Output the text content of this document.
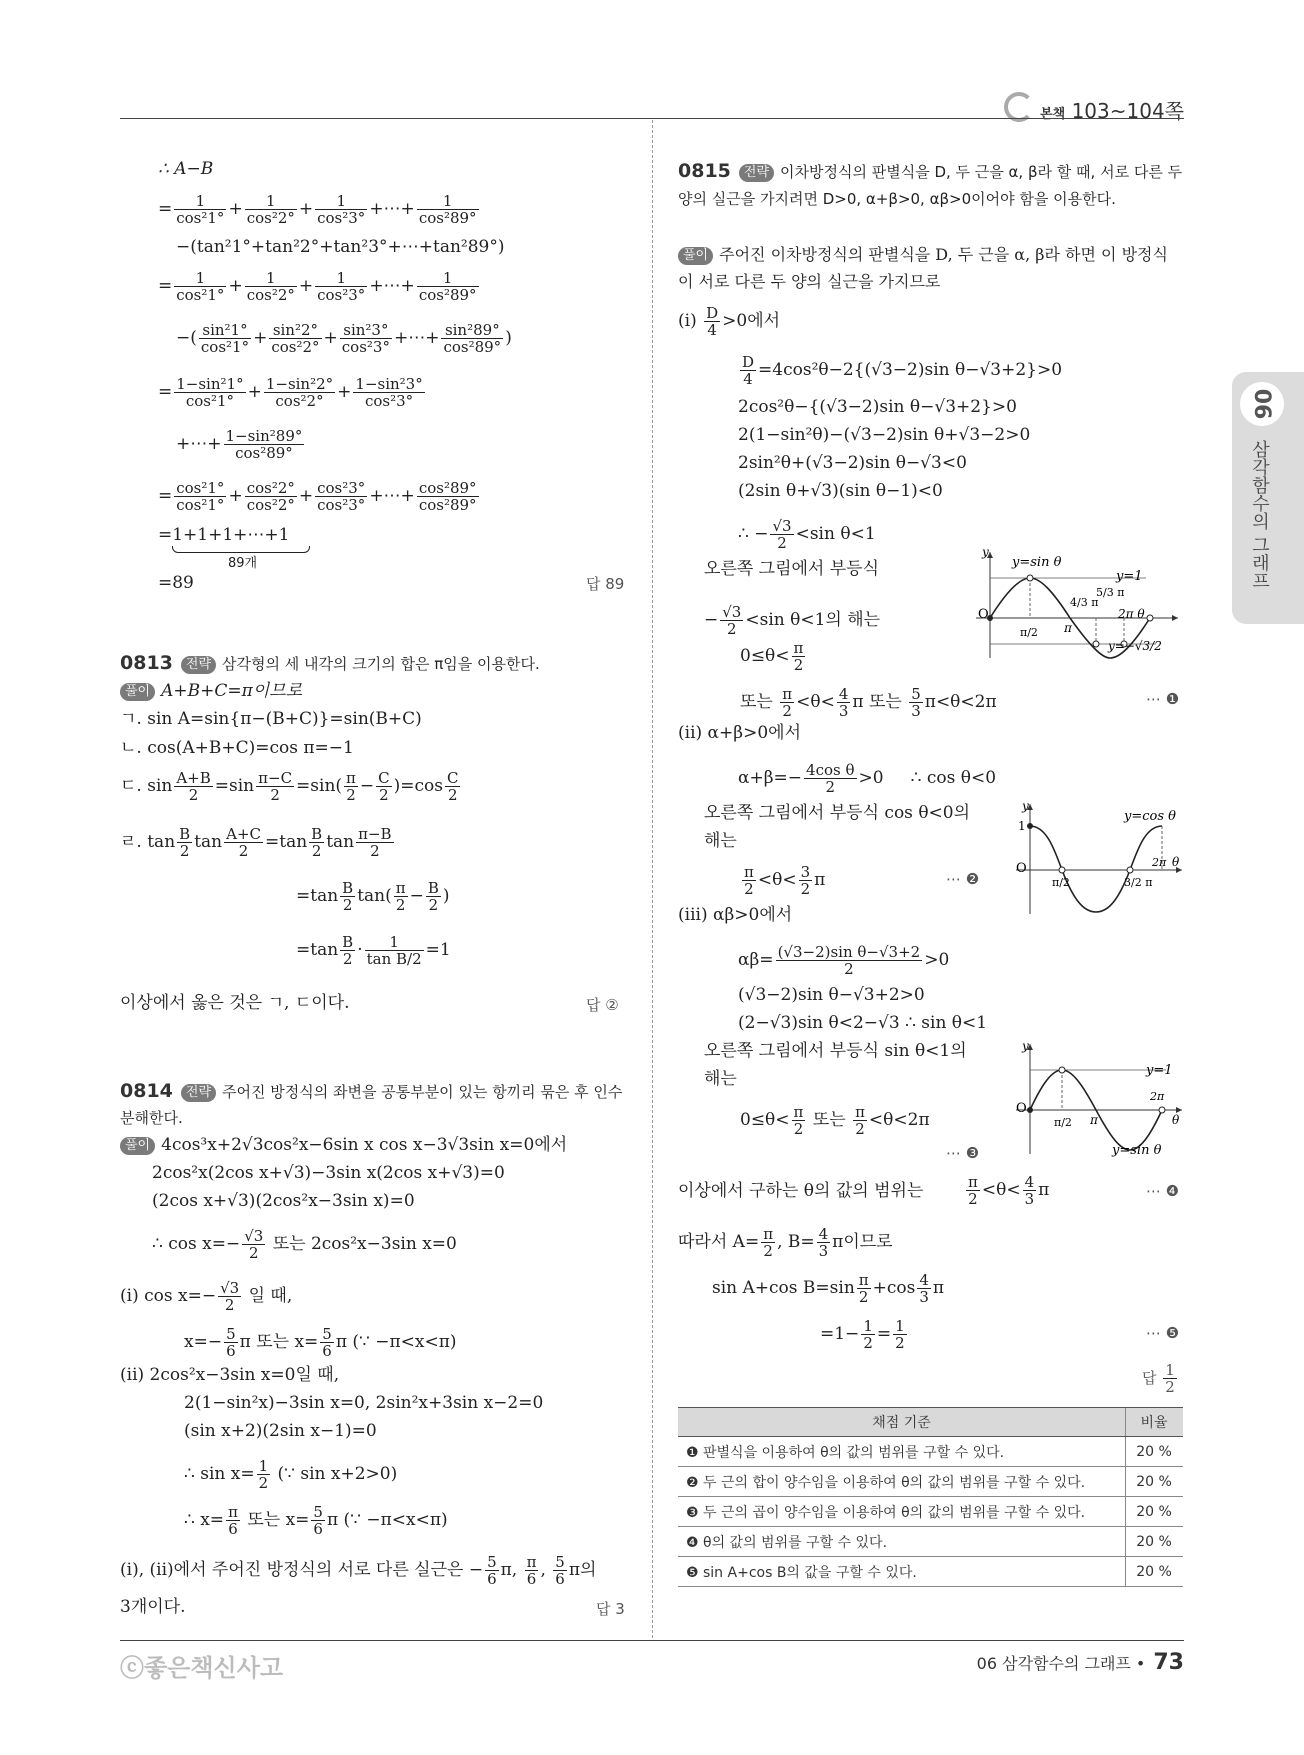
본책 103~104쪽
06
삼각함수의 그래프
∴ A−B
= $\frac{1}{\text{cos²1°}} + \frac{1}{\text{cos²2°}} + \frac{1}{\text{cos²3°}}$ +⋯+ $\frac{1}{\text{cos²89°}}$
−(tan²1°+tan²2°+tan²3°+⋯+tan²89°)
= $\frac{1}{\text{cos²1°}} + \frac{1}{\text{cos²2°}} + \frac{1}{\text{cos²3°}}$ +⋯+ $\frac{1}{\text{cos²89°}}$
−( $\frac{\text{sin²1°}}{\text{cos²1°}} + \frac{\text{sin²2°}}{\text{cos²2°}} + \frac{\text{sin²3°}}{\text{cos²3°}}$ +⋯+ $\frac{\text{sin²89°}}{\text{cos²89°}}$ )
= $\frac{\text{1−sin²1°}}{\text{cos²1°}} + \frac{\text{1−sin²2°}}{\text{cos²2°}} + \frac{\text{1−sin²3°}}{\text{cos²3°}}$
+⋯+ $\frac{\text{1−sin²89°}}{\text{cos²89°}}$
= $\frac{\text{cos²1°}}{\text{cos²1°}} + \frac{\text{cos²2°}}{\text{cos²2°}} + \frac{\text{cos²3°}}{\text{cos²3°}}$ +⋯+ $\frac{\text{cos²89°}}{\text{cos²89°}}$
=1+1+1+⋯+1
89개
=89	답 89
0813 전략 삼각형의 세 내각의 크기의 합은 π임을 이용한다.
풀이 A+B+C=π이므로
ㄱ. sin A=sin{π−(B+C)}=sin(B+C)
ㄴ. cos(A+B+C)=cos π=−1
ㄷ. $\sin \frac{A+B}{2} =\sin \frac{\pi-C}{2} =\sin( \frac{\pi}{2} - \frac{C}{2} )=\cos \frac{C}{2}$
ㄹ. $\tan \frac{B}{2}$ $\tan \frac{A+C}{2} =\tan \frac{B}{2}$ $\tan \frac{\pi-B}{2}$
$=\tan \frac{B}{2} \tan( \frac{\pi}{2} - \frac{B}{2}$ )
$=\tan \frac{B}{2} \cdot \frac{1}{\text{tan B/2}} =1$
이상에서 옳은 것은 ㄱ, ㄷ이다.	답 ②
0814 전략 주어진 방정식의 좌변을 공통부분이 있는 항끼리 묶은 후 인수분해한다.
풀이 4cos³x+2√3cos²x−6sin x cos x−3√3sin x=0에서
2cos²x(2cos x+√3)−3sin x(2cos x+√3)=0
(2cos x+√3)(2cos²x−3sin x)=0
∴ $\cos x=- \frac{√3}{2}$ 또는 2cos²x−3sin x=0
(i) $\cos x=- \frac{√3}{2}$ 일 때,
$x=- \frac{5}{6}$ π 또는 $x= \frac{5}{6}$ π (∵ −π<x<π)
(ii) 2cos²x−3sin x=0일 때,
2(1−sin²x)−3sin x=0, 2sin²x+3sin x−2=0
(sin x+2)(2sin x−1)=0
∴ $\sin x= \frac{1}{2}$ (∵ sin x+2>0)
∴ $x= \frac{\pi}{6}$ 또는 $x= \frac{5}{6}$ π (∵ −π<x<π)
(i), (ii)에서 주어진 방정식의 서로 다른 실근은 − $\frac{5}{6} \pi$, $\frac{\pi}{6}$ , $\frac{5}{6}$ π의
3개이다.	답 3
0815 전략 이차방정식의 판별식을 D, 두 근을 α, β라 할 때, 서로 다른 두 양의 실근을 가지려면 D>0, α+β>0, αβ>0이어야 함을 이용한다.
풀이 주어진 이차방정식의 판별식을 D, 두 근을 α, β라 하면 이 방정식이 서로 다른 두 양의 실근을 가지므로
$(i) \frac{D}{4} >0$에서
$\frac{D}{4} =4\cos^2\theta-2\{(√3-2)\sin$ θ−√3+2}>0
2cos²θ−{(√3−2)sin θ−√3+2}>0
2(1−sin²θ)−(√3−2)sin θ+√3−2>0
2sin²θ+(√3−2)sin θ−√3<0
(2sin θ+√3)(sin θ−1)<0
∴ − $\frac{√3}{2} <\sin$ θ<1
오른쪽 그림에서 부등식
− $\frac{√3}{2} <\sin$ θ<1의 해는
$0\le\theta< \frac{\pi}{2}$
또는 $\frac{\pi}{2} <\theta< \frac{4}{3}$ π 또는 $\frac{5}{3} \pi<\theta<2\pi$	⋯ ❶
y=sin θ
y=1
4/3 π
5/3 π
2π θ
O
π/2 π
y=−√3/2
y
(ii) α+β>0에서
$\alpha+\beta=- \frac{\text{4cos θ}}{2} >0$     ∴ cos θ<0
오른쪽 그림에서 부등식 cos θ<0의
해는
$\frac{\pi}{2} <\theta< \frac{3}{2}$ π	⋯ ❷
y
1
y=cos θ
O
π/2	3/2 π
2π θ
(iii) αβ>0에서
$\alpha\beta= \frac{\text{(√3−2)sin θ−√3+2}}{2} >0$
(√3−2)sin θ−√3+2>0
(2−√3)sin θ<2−√3 ∴ sin θ<1
오른쪽 그림에서 부등식 sin θ<1의
해는
$0\le\theta< \frac{\pi}{2}$ 또는 $\frac{\pi}{2} <\theta<2\pi$
⋯ ❸
y
y=1
2π
O
π/2 π	θ
y=sin θ
이상에서 구하는 θ의 값의 범위는	$\frac{\pi}{2} <\theta< \frac{4}{3}$ π	⋯ ❹
따라서 $A= \frac{\pi}{2}$ , $B= \frac{4}{3}$ π이므로
sin A+cos $B=\sin \frac{\pi}{2} +\cos \frac{4}{3}$ π
$=1- \frac{1}{2} = \frac{1}{2}$	⋯ ❺
답 $\frac{1}{2}$
채점 기준	비율
❶ 판별식을 이용하여 θ의 값의 범위를 구할 수 있다.	20 %
❷ 두 근의 합이 양수임을 이용하여 θ의 값의 범위를 구할 수 있다.	20 %
❸ 두 근의 곱이 양수임을 이용하여 θ의 값의 범위를 구할 수 있다.	20 %
❹ θ의 값의 범위를 구할 수 있다.	20 %
❺ sin A+cos B의 값을 구할 수 있다.	20 %
ⓒ좋은책신사고	06 삼각함수의 그래프 • 73
